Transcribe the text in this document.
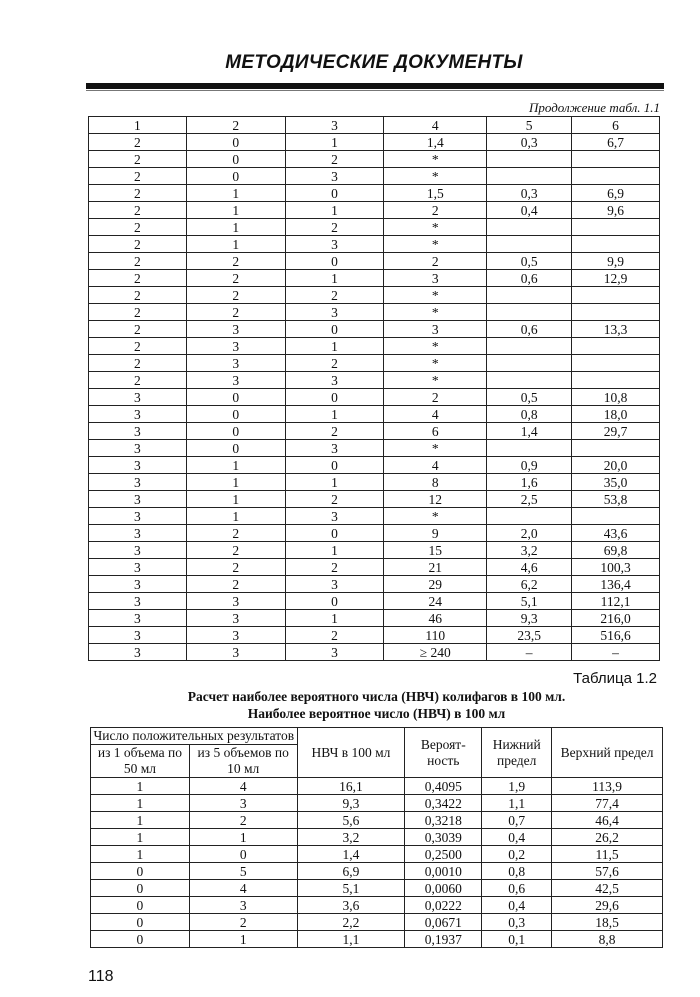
МЕТОДИЧЕСКИЕ ДОКУМЕНТЫ
Продолжение табл. 1.1
1	2	3	4	5	6
2	0	1	1,4	0,3	6,7
2	0	2	*		
2	0	3	*		
2	1	0	1,5	0,3	6,9
2	1	1	2	0,4	9,6
2	1	2	*		
2	1	3	*		
2	2	0	2	0,5	9,9
2	2	1	3	0,6	12,9
2	2	2	*		
2	2	3	*		
2	3	0	3	0,6	13,3
2	3	1	*		
2	3	2	*		
2	3	3	*		
3	0	0	2	0,5	10,8
3	0	1	4	0,8	18,0
3	0	2	6	1,4	29,7
3	0	3	*		
3	1	0	4	0,9	20,0
3	1	1	8	1,6	35,0
3	1	2	12	2,5	53,8
3	1	3	*		
3	2	0	9	2,0	43,6
3	2	1	15	3,2	69,8
3	2	2	21	4,6	100,3
3	2	3	29	6,2	136,4
3	3	0	24	5,1	112,1
3	3	1	46	9,3	216,0
3	3	2	110	23,5	516,6
3	3	3	≥ 240	–	–
Таблица 1.2
Расчет наиболее вероятного числа (НВЧ) колифагов в 100 мл.
Наиболее вероятное число (НВЧ) в 100 мл
Число положительных результатов		НВЧ в 100 мл	Вероят- ность	Нижний предел	Верхний предел
из 1 объема по 50 мл	из 5 объемов по 10 мл				
1	4	16,1	0,4095	1,9	113,9
1	3	9,3	0,3422	1,1	77,4
1	2	5,6	0,3218	0,7	46,4
1	1	3,2	0,3039	0,4	26,2
1	0	1,4	0,2500	0,2	11,5
0	5	6,9	0,0010	0,8	57,6
0	4	5,1	0,0060	0,6	42,5
0	3	3,6	0,0222	0,4	29,6
0	2	2,2	0,0671	0,3	18,5
0	1	1,1	0,1937	0,1	8,8
118
